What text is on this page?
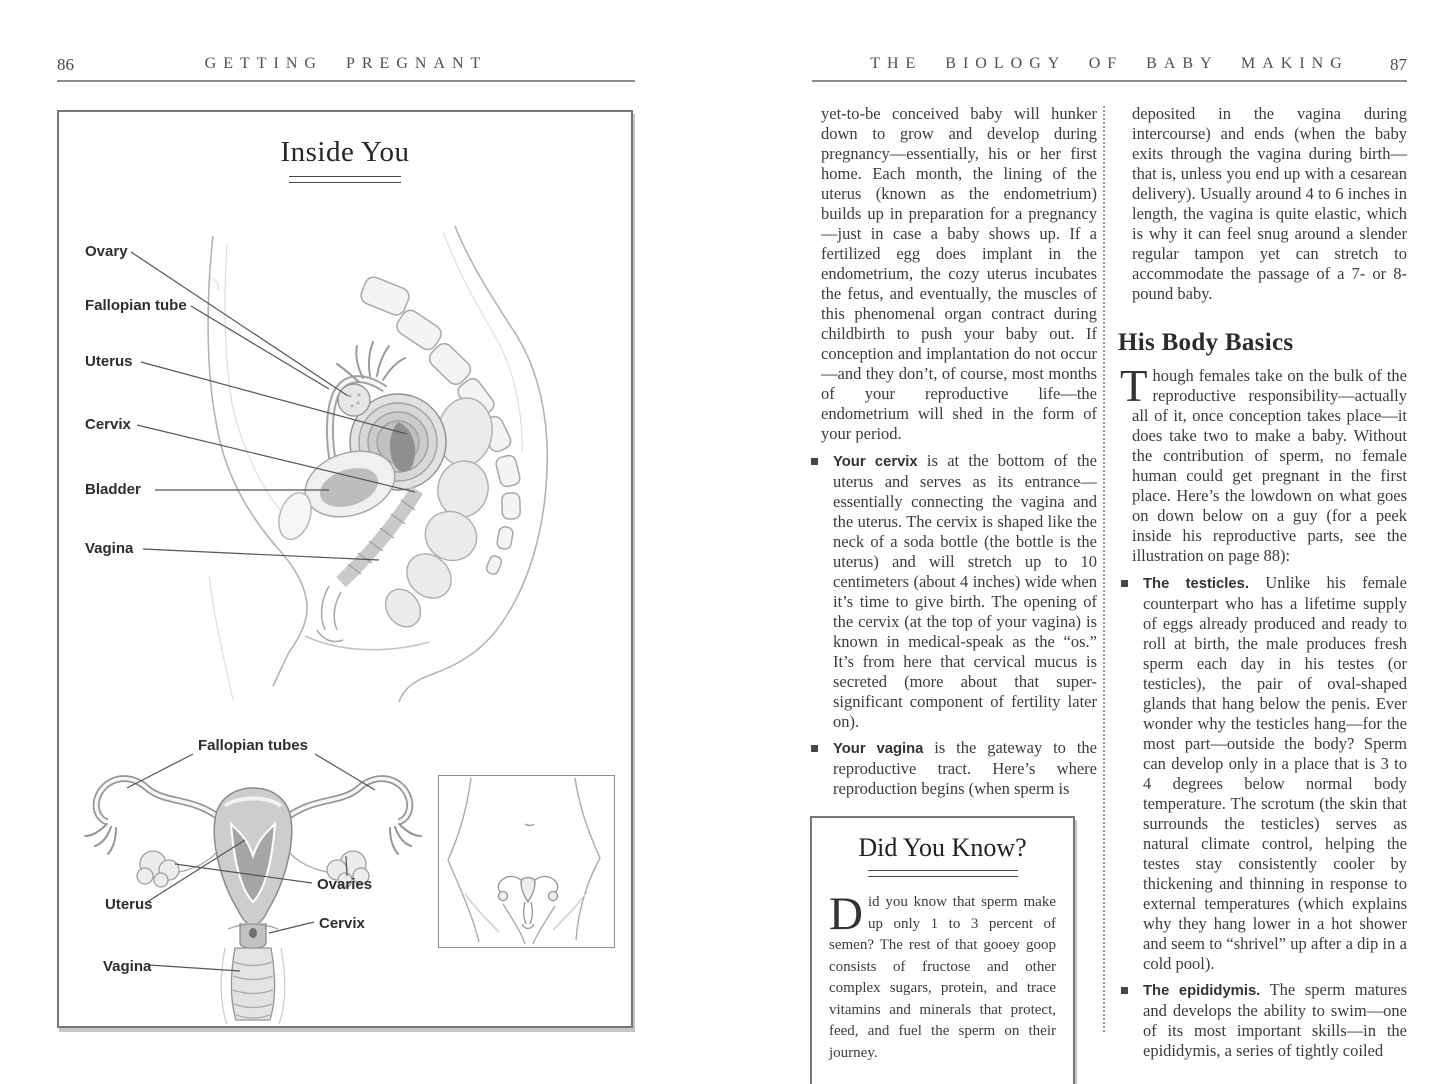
86	GETTING PREGNANT	THE BIOLOGY OF BABY MAKING	87
Inside You
Ovary
Fallopian tube
Uterus
Cervix
Bladder
Vagina
Fallopian tubes
Uterus
Ovaries
Cervix
Vagina

yet-to-be conceived baby will hunker down to grow and develop during pregnancy—essentially, his or her first home. Each month, the lining of the uterus (known as the endometrium) builds up in preparation for a pregnancy—just in case a baby shows up. If a fertilized egg does implant in the endometrium, the cozy uterus incubates the fetus, and eventually, the muscles of this phenomenal organ contract during childbirth to push your baby out. If conception and implantation do not occur—and they don’t, of course, most months of your reproductive life—the endometrium will shed in the form of your period.

Your cervix is at the bottom of the uterus and serves as its entrance—essentially connecting the vagina and the uterus. The cervix is shaped like the neck of a soda bottle (the bottle is the uterus) and will stretch up to 10 centimeters (about 4 inches) wide when it’s time to give birth. The opening of the cervix (at the top of your vagina) is known in medical-speak as the “os.” It’s from here that cervical mucus is secreted (more about that super-significant component of fertility later on).
Your vagina is the gateway to the reproductive tract. Here’s where reproduction begins (when sperm is
Did You Know?

Did you know that sperm make up only 1 to 3 percent of semen? The rest of that gooey goop consists of fructose and other complex sugars, protein, and trace vitamins and minerals that protect, feed, and fuel the sperm on their journey.

deposited in the vagina during intercourse) and ends (when the baby exits through the vagina during birth—that is, unless you end up with a cesarean delivery). Usually around 4 to 6 inches in length, the vagina is quite elastic, which is why it can feel snug around a slender regular tampon yet can stretch to accommodate the passage of a 7- or 8-pound baby.

His Body Basics

Though females take on the bulk of the reproductive responsibility—actually all of it, once conception takes place—it does take two to make a baby. Without the contribution of sperm, no female human could get pregnant in the first place. Here’s the lowdown on what goes on down below on a guy (for a peek inside his reproductive parts, see the illustration on page 88):

The testicles. Unlike his female counterpart who has a lifetime supply of eggs already produced and ready to roll at birth, the male produces fresh sperm each day in his testes (or testicles), the pair of oval-shaped glands that hang below the penis. Ever wonder why the testicles hang—for the most part—outside the body? Sperm can develop only in a place that is 3 to 4 degrees below normal body temperature. The scrotum (the skin that surrounds the testicles) serves as natural climate control, helping the testes stay consistently cooler by thickening and thinning in response to external temperatures (which explains why they hang lower in a hot shower and seem to “shrivel” up after a dip in a cold pool).
The epididymis. The sperm matures and develops the ability to swim—one of its most important skills—in the epididymis, a series of tightly coiled
